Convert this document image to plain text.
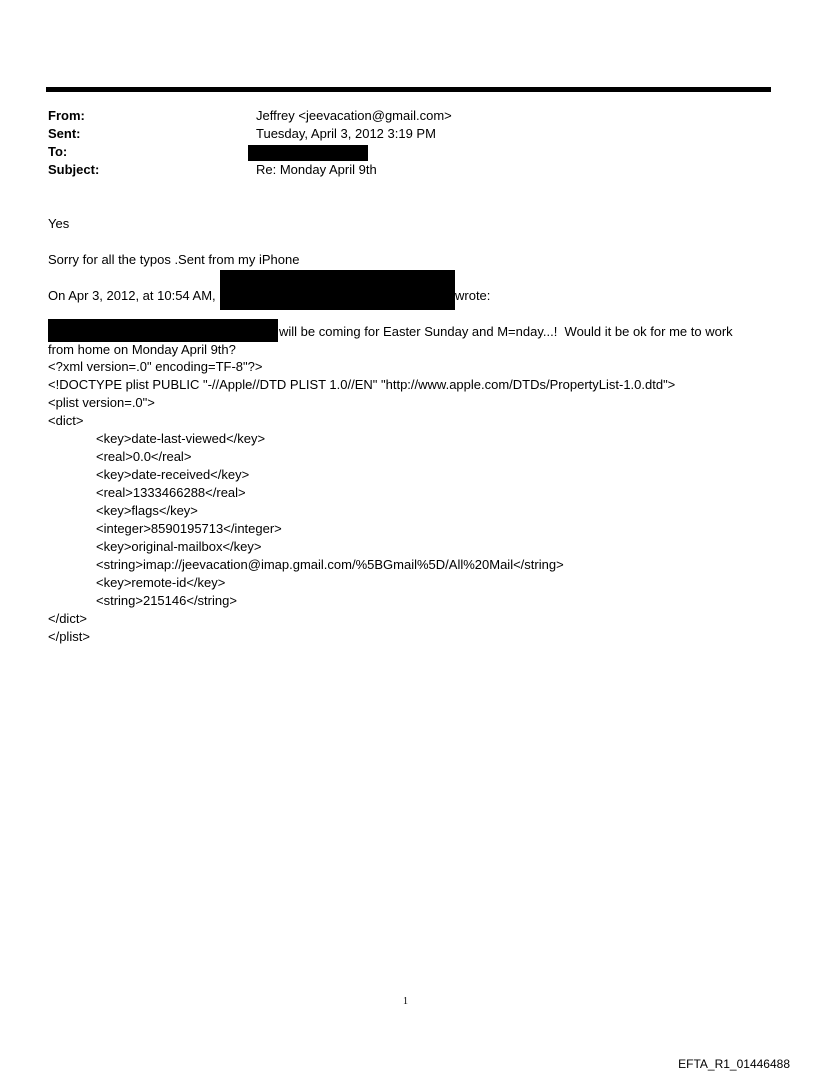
From:	Jeffrey <jeevacation@gmail.com>
Sent:	Tuesday, April 3, 2012 3:19 PM
To:
Subject:	Re: Monday April 9th
Yes
Sorry for all the typos .Sent from my iPhone
On Apr 3, 2012, at 10:54 AM,	wrote:
will be coming for Easter Sunday and M=nday...!  Would it be ok for me to work
from home on Monday April 9th?
<?xml version=.0" encoding=TF-8"?>
<!DOCTYPE plist PUBLIC "-//Apple//DTD PLIST 1.0//EN" "http://www.apple.com/DTDs/PropertyList-1.0.dtd">
<plist version=.0">
<dict>
<key>date-last-viewed</key>
<real>0.0</real>
<key>date-received</key>
<real>1333466288</real>
<key>flags</key>
<integer>8590195713</integer>
<key>original-mailbox</key>
<string>imap://jeevacation@imap.gmail.com/%5BGmail%5D/All%20Mail</string>
<key>remote-id</key>
<string>215146</string>
</dict>
</plist>
1
EFTA_R1_01446488
